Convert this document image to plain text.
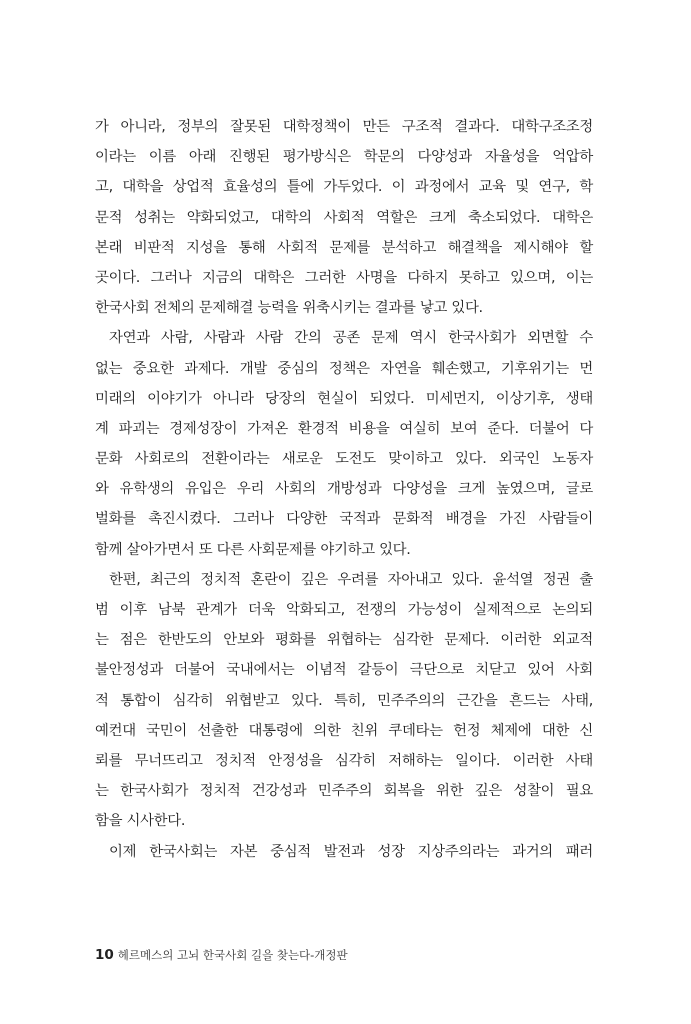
가 아니라, 정부의 잘못된 대학정책이 만든 구조적 결과다. 대학구조조정
이라는 이름 아래 진행된 평가방식은 학문의 다양성과 자율성을 억압하
고, 대학을 상업적 효율성의 틀에 가두었다. 이 과정에서 교육 및 연구, 학
문적 성취는 약화되었고, 대학의 사회적 역할은 크게 축소되었다. 대학은
본래 비판적 지성을 통해 사회적 문제를 분석하고 해결책을 제시해야 할
곳이다. 그러나 지금의 대학은 그러한 사명을 다하지 못하고 있으며, 이는
한국사회 전체의 문제해결 능력을 위축시키는 결과를 낳고 있다.
자연과 사람, 사람과 사람 간의 공존 문제 역시 한국사회가 외면할 수
없는 중요한 과제다. 개발 중심의 정책은 자연을 훼손했고, 기후위기는 먼
미래의 이야기가 아니라 당장의 현실이 되었다. 미세먼지, 이상기후, 생태
계 파괴는 경제성장이 가져온 환경적 비용을 여실히 보여 준다. 더불어 다
문화 사회로의 전환이라는 새로운 도전도 맞이하고 있다. 외국인 노동자
와 유학생의 유입은 우리 사회의 개방성과 다양성을 크게 높였으며, 글로
벌화를 촉진시켰다. 그러나 다양한 국적과 문화적 배경을 가진 사람들이
함께 살아가면서 또 다른 사회문제를 야기하고 있다.
한편, 최근의 정치적 혼란이 깊은 우려를 자아내고 있다. 윤석열 정권 출
범 이후 남북 관계가 더욱 악화되고, 전쟁의 가능성이 실제적으로 논의되
는 점은 한반도의 안보와 평화를 위협하는 심각한 문제다. 이러한 외교적
불안정성과 더불어 국내에서는 이념적 갈등이 극단으로 치닫고 있어 사회
적 통합이 심각히 위협받고 있다. 특히, 민주주의의 근간을 흔드는 사태,
예컨대 국민이 선출한 대통령에 의한 친위 쿠데타는 헌정 체제에 대한 신
뢰를 무너뜨리고 정치적 안정성을 심각히 저해하는 일이다. 이러한 사태
는 한국사회가 정치적 건강성과 민주주의 회복을 위한 깊은 성찰이 필요
함을 시사한다.
이제 한국사회는 자본 중심적 발전과 성장 지상주의라는 과거의 패러
10 헤르메스의 고뇌 한국사회 길을 찾는다-개정판
